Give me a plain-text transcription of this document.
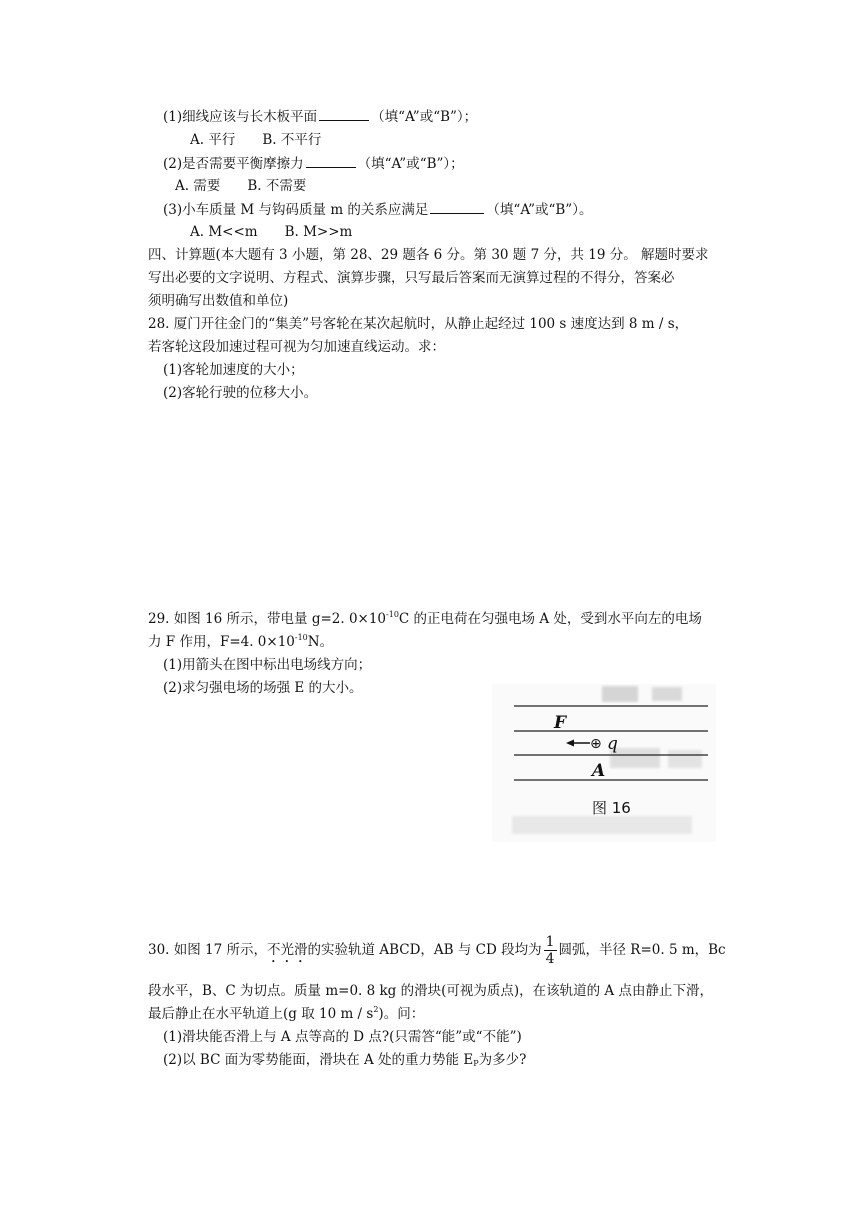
(1)细线应该与长木板平面	（填“A”或“B”）；
A. 平行　　B. 不平行
(2)是否需要平衡摩擦力	（填“A”或“B”）；
A. 需要　　B. 不需要
(3)小车质量 M 与钩码质量 m 的关系应满足	（填“A”或“B”）。
A. M<<m　　B. M>>m
四、计算题(本大题有 3 小题，第 28、29 题各 6 分。第 30 题 7 分，共 19 分。 解题时要求
写出必要的文字说明、方程式、演算步骤，只写最后答案而无演算过程的不得分，答案必
须明确写出数值和单位)
28. 厦门开往金门的“集美”号客轮在某次起航时，从静止起经过 100 s 速度达到 8 m / s，
若客轮这段加速过程可视为匀加速直线运动。求：
(1)客轮加速度的大小；
(2)客轮行驶的位移大小。
29. 如图 16 所示，带电量 g=2. $0\times 10^{-10}C$ 的正电荷在匀强电场 A 处，受到水平向左的电场
力 F 作用，F=4. $0\times 10^{-10}N$。
(1)用箭头在图中标出电场线方向；
(2)求匀强电场的场强 E 的大小。
F
⊕ q
A
图 16
30. 如图 17 所示，不光滑的实验轨道 ABCD，AB 与 CD 段均为 $\frac{1}{4}$ 圆弧，半径 R=0. 5 m，Bc
段水平，B、C 为切点。质量 m=0. 8 kg 的滑块(可视为质点)，在该轨道的 A 点由静止下滑，
最后静止在水平轨道上(g 取 10 m / $s^2$)。问：
(1)滑块能否滑上与 A 点等高的 D 点?(只需答“能”或“不能”)
(2)以 BC 面为零势能面，滑块在 A 处的重力势能 $E_P$为多少?
